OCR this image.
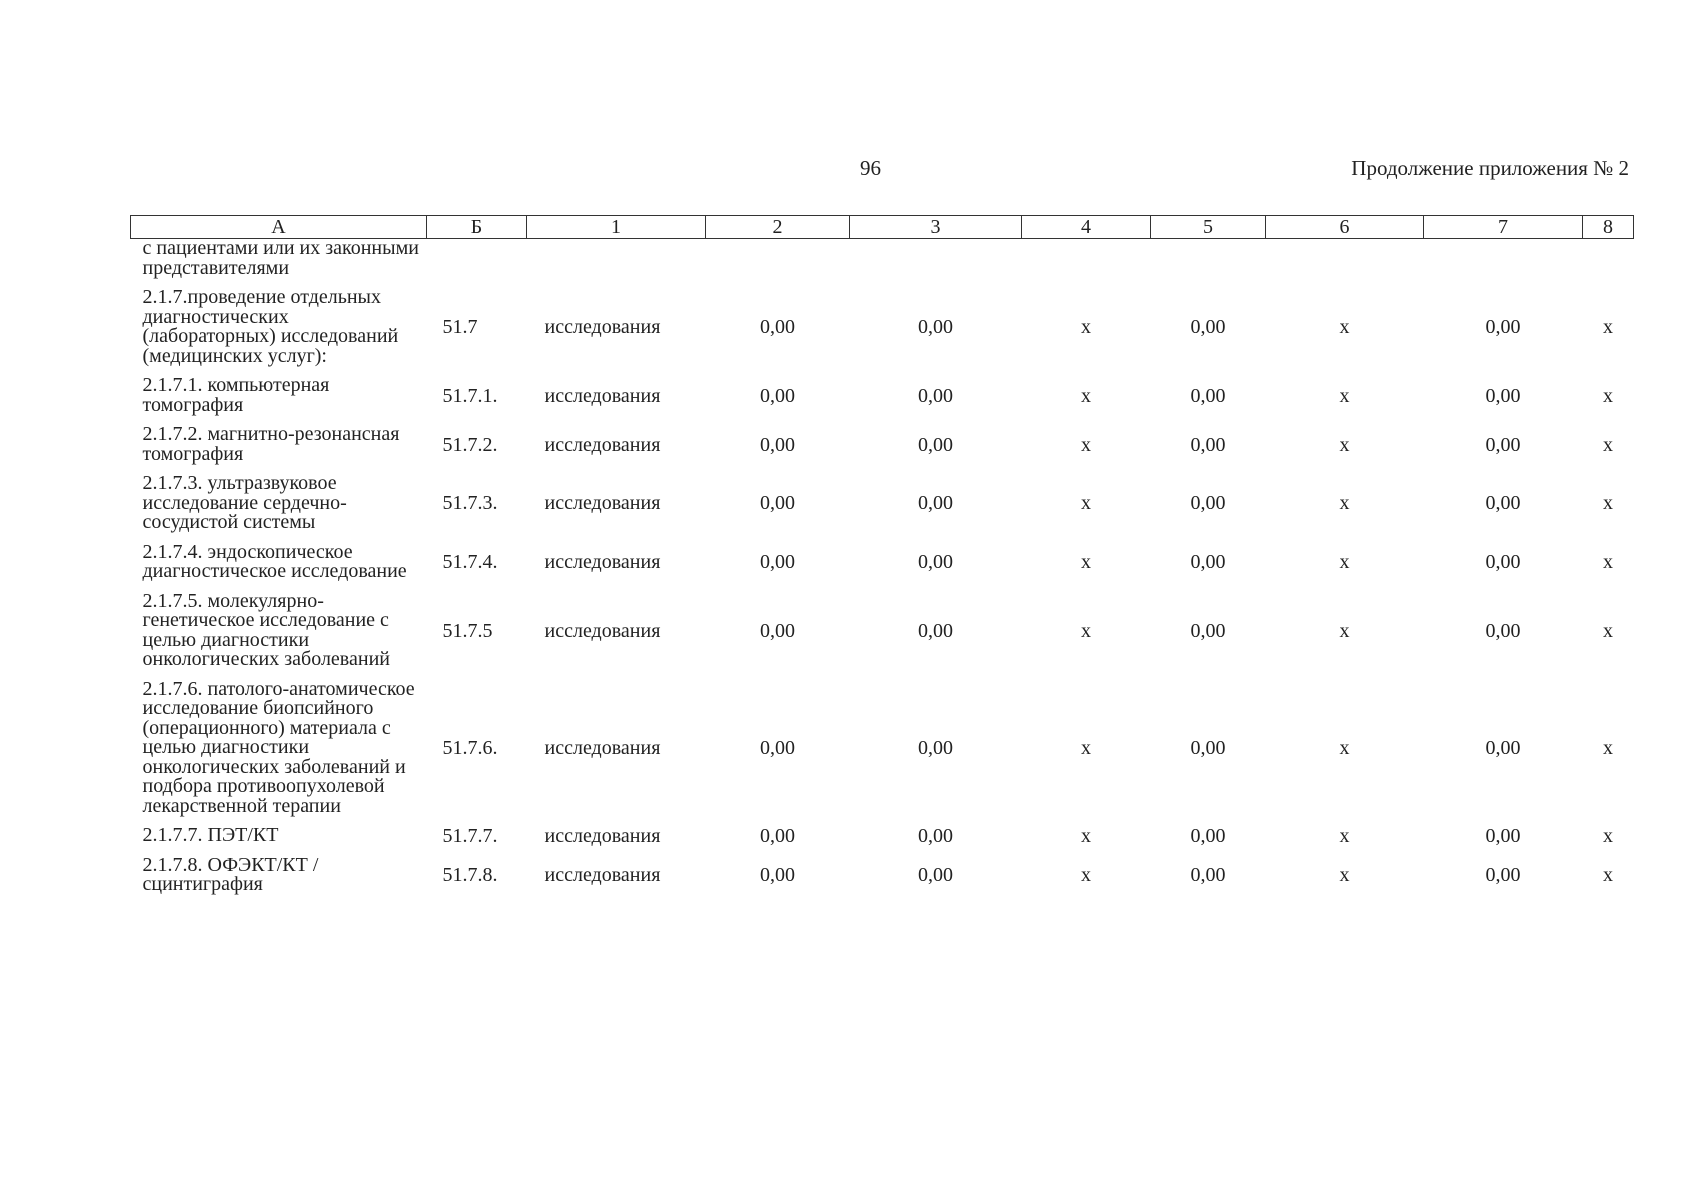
96	Продолжение приложения № 2
А	Б	1	2	3	4	5	6	7	8
с пациентами или их законными представителями									
2.1.7.проведение отдельных диагностических (лабораторных) исследований (медицинских услуг):	51.7	исследования	0,00	0,00	х	0,00	х	0,00	х
2.1.7.1. компьютерная томография	51.7.1.	исследования	0,00	0,00	х	0,00	х	0,00	х
2.1.7.2. магнитно-резонансная томография	51.7.2.	исследования	0,00	0,00	х	0,00	х	0,00	х
2.1.7.3. ультразвуковое исследование сердечно-сосудистой системы	51.7.3.	исследования	0,00	0,00	х	0,00	х	0,00	х
2.1.7.4. эндоскопическое диагностическое исследование	51.7.4.	исследования	0,00	0,00	х	0,00	х	0,00	х
2.1.7.5. молекулярно-генетическое исследование с целью диагностики онкологических заболеваний	51.7.5	исследования	0,00	0,00	х	0,00	х	0,00	х
2.1.7.6. патолого-анатомическое исследование биопсийного (операционного) материала с целью диагностики онкологических заболеваний и подбора противоопухолевой лекарственной терапии	51.7.6.	исследования	0,00	0,00	х	0,00	х	0,00	х
2.1.7.7. ПЭТ/КТ	51.7.7.	исследования	0,00	0,00	х	0,00	х	0,00	х
2.1.7.8. ОФЭКТ/КТ /сцинтиграфия	51.7.8.	исследования	0,00	0,00	х	0,00	х	0,00	х
